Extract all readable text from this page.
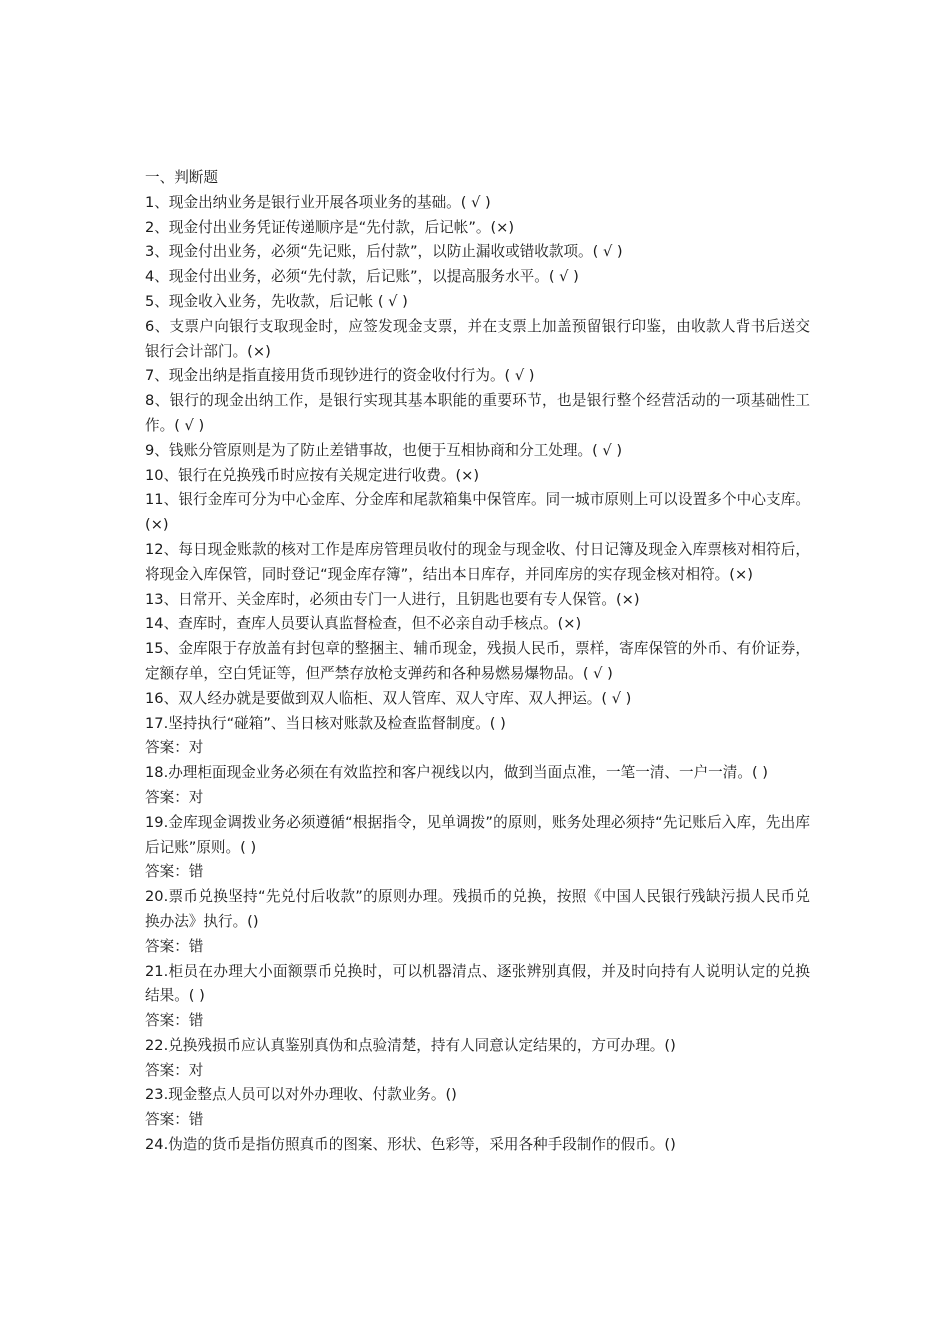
一、判断题

1、现金出纳业务是银行业开展各项业务的基础。( √ )

2、现金付出业务凭证传递顺序是“先付款，后记帐”。(×)

3、现金付出业务，必须“先记账，后付款”，以防止漏收或错收款项。( √ )

4、现金付出业务，必须“先付款，后记账”，以提高服务水平。( √ )

5、现金收入业务，先收款，后记帐 ( √ )

6、支票户向银行支取现金时，应签发现金支票，并在支票上加盖预留银行印鉴，由收款人背书后送交银行会计部门。(×)

7、现金出纳是指直接用货币现钞进行的资金收付行为。( √ )

8、银行的现金出纳工作，是银行实现其基本职能的重要环节，也是银行整个经营活动的一项基础性工作。( √ )

9、钱账分管原则是为了防止差错事故，也便于互相协商和分工处理。( √ )

10、银行在兑换残币时应按有关规定进行收费。(×)

11、银行金库可分为中心金库、分金库和尾款箱集中保管库。同一城市原则上可以设置多个中心支库。(×)

12、每日现金账款的核对工作是库房管理员收付的现金与现金收、付日记簿及现金入库票核对相符后，将现金入库保管，同时登记“现金库存簿”，结出本日库存，并同库房的实存现金核对相符。(×)

13、日常开、关金库时，必须由专门一人进行，且钥匙也要有专人保管。(×)

14、查库时，查库人员要认真监督检查，但不必亲自动手核点。(×)

15、金库限于存放盖有封包章的整捆主、辅币现金，残损人民币，票样，寄库保管的外币、有价证券，定额存单，空白凭证等，但严禁存放枪支弹药和各种易燃易爆物品。( √ )

16、双人经办就是要做到双人临柜、双人管库、双人守库、双人押运。( √ )

17.坚持执行“碰箱”、当日核对账款及检查监督制度。( )

答案：对

18.办理柜面现金业务必须在有效监控和客户视线以内，做到当面点准，一笔一清、一户一清。( )

答案：对

19.金库现金调拨业务必须遵循“根据指令，见单调拨”的原则，账务处理必须持“先记账后入库，先出库后记账”原则。( )

答案：错

20.票币兑换坚持“先兑付后收款”的原则办理。残损币的兑换，按照《中国人民银行残缺污损人民币兑换办法》执行。()

答案：错

21.柜员在办理大小面额票币兑换时，可以机器清点、逐张辨别真假，并及时向持有人说明认定的兑换结果。( )

答案：错

22.兑换残损币应认真鉴别真伪和点验清楚，持有人同意认定结果的，方可办理。()

答案：对

23.现金整点人员可以对外办理收、付款业务。()

答案：错

24.伪造的货币是指仿照真币的图案、形状、色彩等，采用各种手段制作的假币。()
